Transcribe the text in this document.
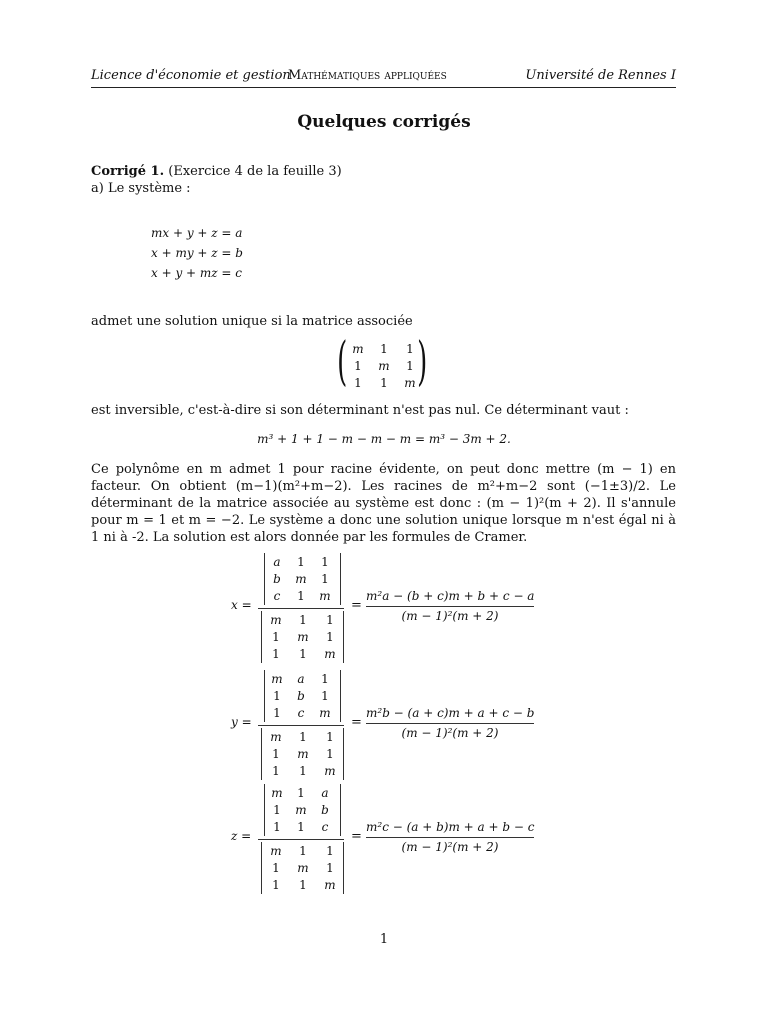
Licence d'économie et gestion
Mathématiques appliquées	Université de Rennes I
Quelques corrigés
Corrigé 1. (Exercice 4 de la feuille 3)
a) Le système :
mx + y + z = a
x + my + z = b
x + y + mz = c
admet une solution unique si la matrice associée
( )
m	1	1
1	m	1
1	1	m
est inversible, c'est-à-dire si son déterminant n'est pas nul. Ce déterminant vaut :
m³ + 1 + 1 − m − m − m = m³ − 3m + 2.
Ce polynôme en m admet 1 pour racine évidente, on peut donc mettre (m − 1) en facteur. On obtient (m−1)(m²+m−2). Les racines de m²+m−2 sont (−1±3)/2. Le déterminant de la matrice associée au système est donc : (m − 1)²(m + 2). Il s'annule pour m = 1 et m = −2. Le système a donc une solution unique lorsque m n'est égal ni à 1 ni à -2. La solution est alors donnée par les formules de Cramer.
x =
a	1	1
b	m	1
c	1	m
m	1	1
1	m	1
1	1	m
=
m²a − (b + c)m + b + c − a
(m − 1)²(m + 2)
y =
m	a	1
1	b	1
1	c	m
m	1	1
1	m	1
1	1	m
=
m²b − (a + c)m + a + c − b
(m − 1)²(m + 2)
z =
m	1	a
1	m	b
1	1	c
m	1	1
1	m	1
1	1	m
=
m²c − (a + b)m + a + b − c
(m − 1)²(m + 2)
1
